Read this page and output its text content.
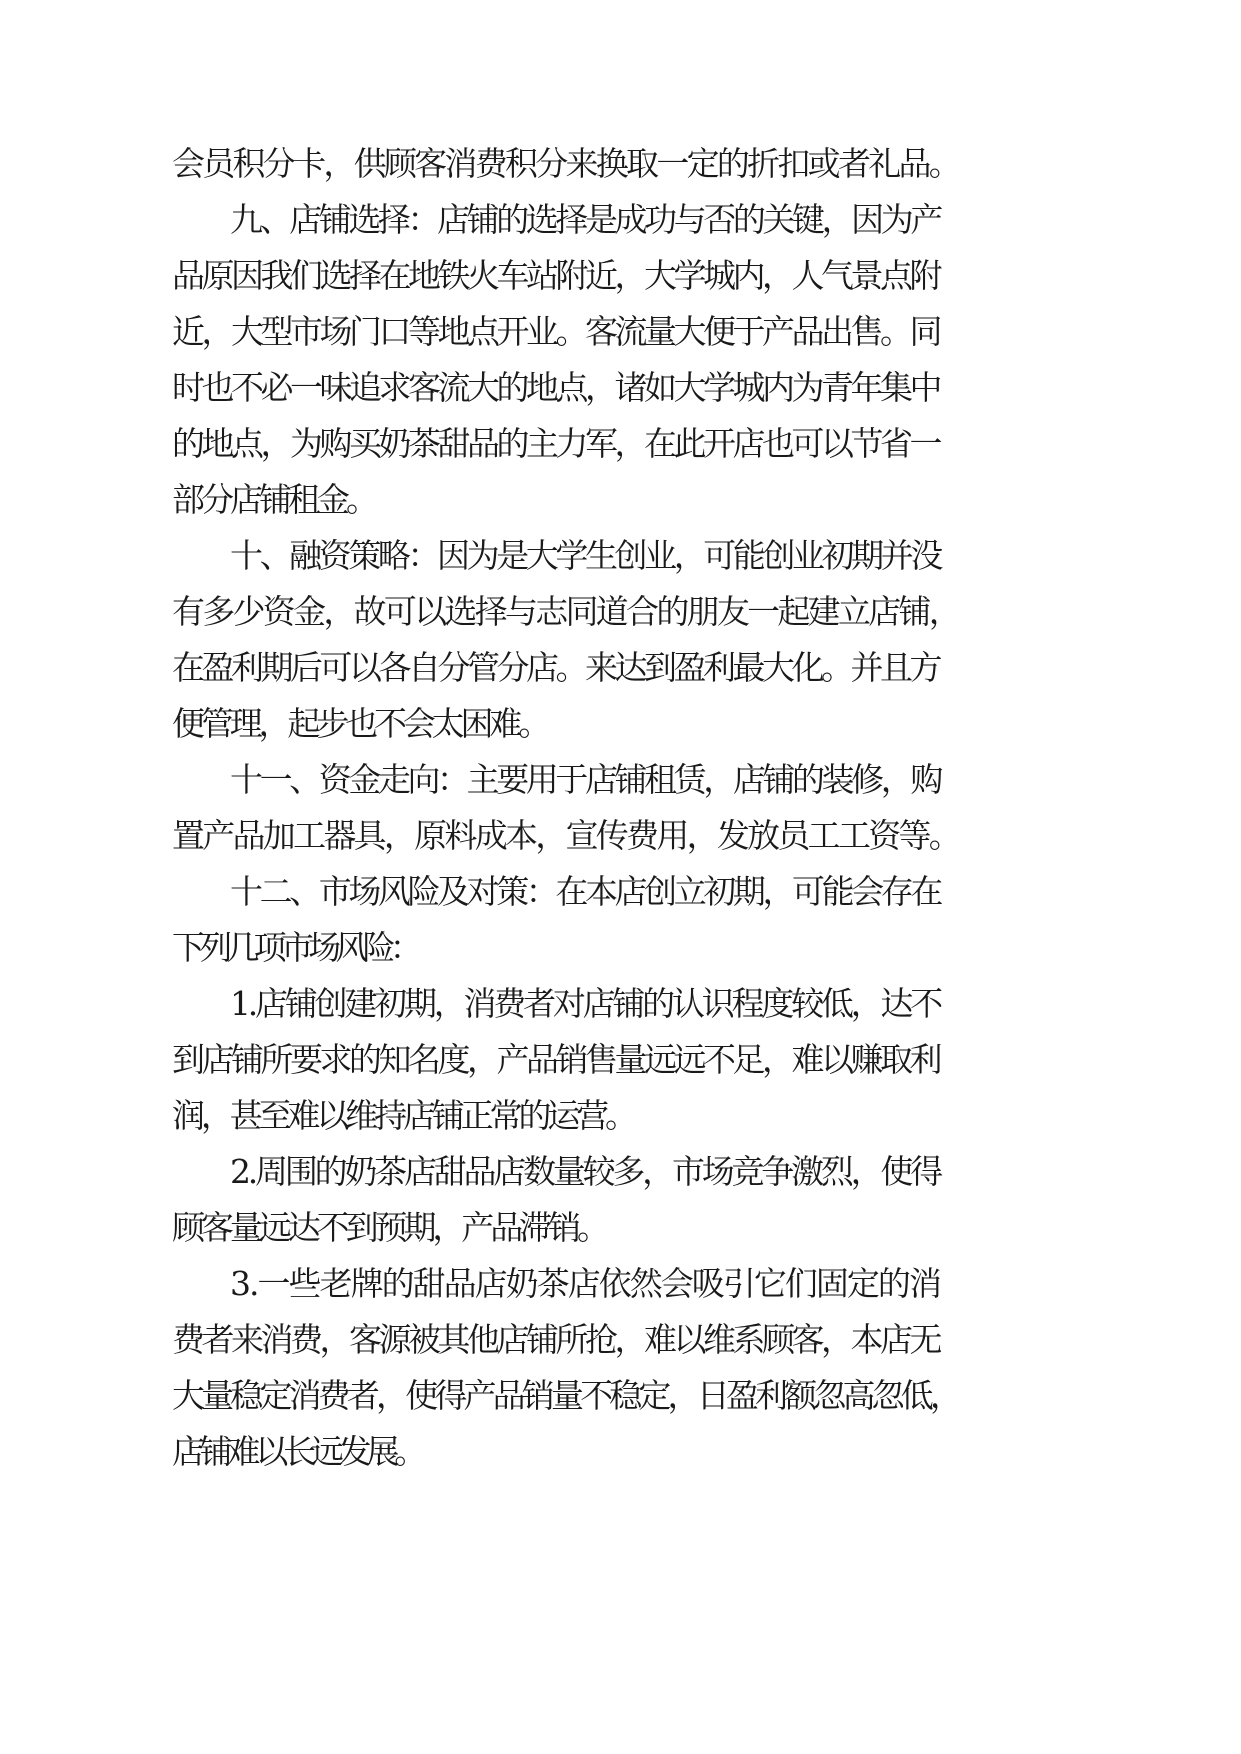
会员积分卡，供顾客消费积分来换取一定的折扣或者礼品。
九、店铺选择：店铺的选择是成功与否的关键，因为产
品原因我们选择在地铁火车站附近，大学城内，人气景点附
近，大型市场门口等地点开业。客流量大便于产品出售。同
时也不必一味追求客流大的地点，诸如大学城内为青年集中
的地点，为购买奶茶甜品的主力军，在此开店也可以节省一
部分店铺租金。
十、融资策略：因为是大学生创业，可能创业初期并没
有多少资金，故可以选择与志同道合的朋友一起建立店铺，
在盈利期后可以各自分管分店。来达到盈利最大化。并且方
便管理，起步也不会太困难。
十一、资金走向：主要用于店铺租赁，店铺的装修，购
置产品加工器具，原料成本，宣传费用，发放员工工资等。
十二、市场风险及对策：在本店创立初期，可能会存在
下列几项市场风险：
1.店铺创建初期，消费者对店铺的认识程度较低，达不
到店铺所要求的知名度，产品销售量远远不足，难以赚取利
润，甚至难以维持店铺正常的运营。
2.周围的奶茶店甜品店数量较多，市场竞争激烈，使得
顾客量远达不到预期，产品滞销。
3.一些老牌的甜品店奶茶店依然会吸引它们固定的消
费者来消费，客源被其他店铺所抢，难以维系顾客，本店无
大量稳定消费者，使得产品销量不稳定，日盈利额忽高忽低，
店铺难以长远发展。
